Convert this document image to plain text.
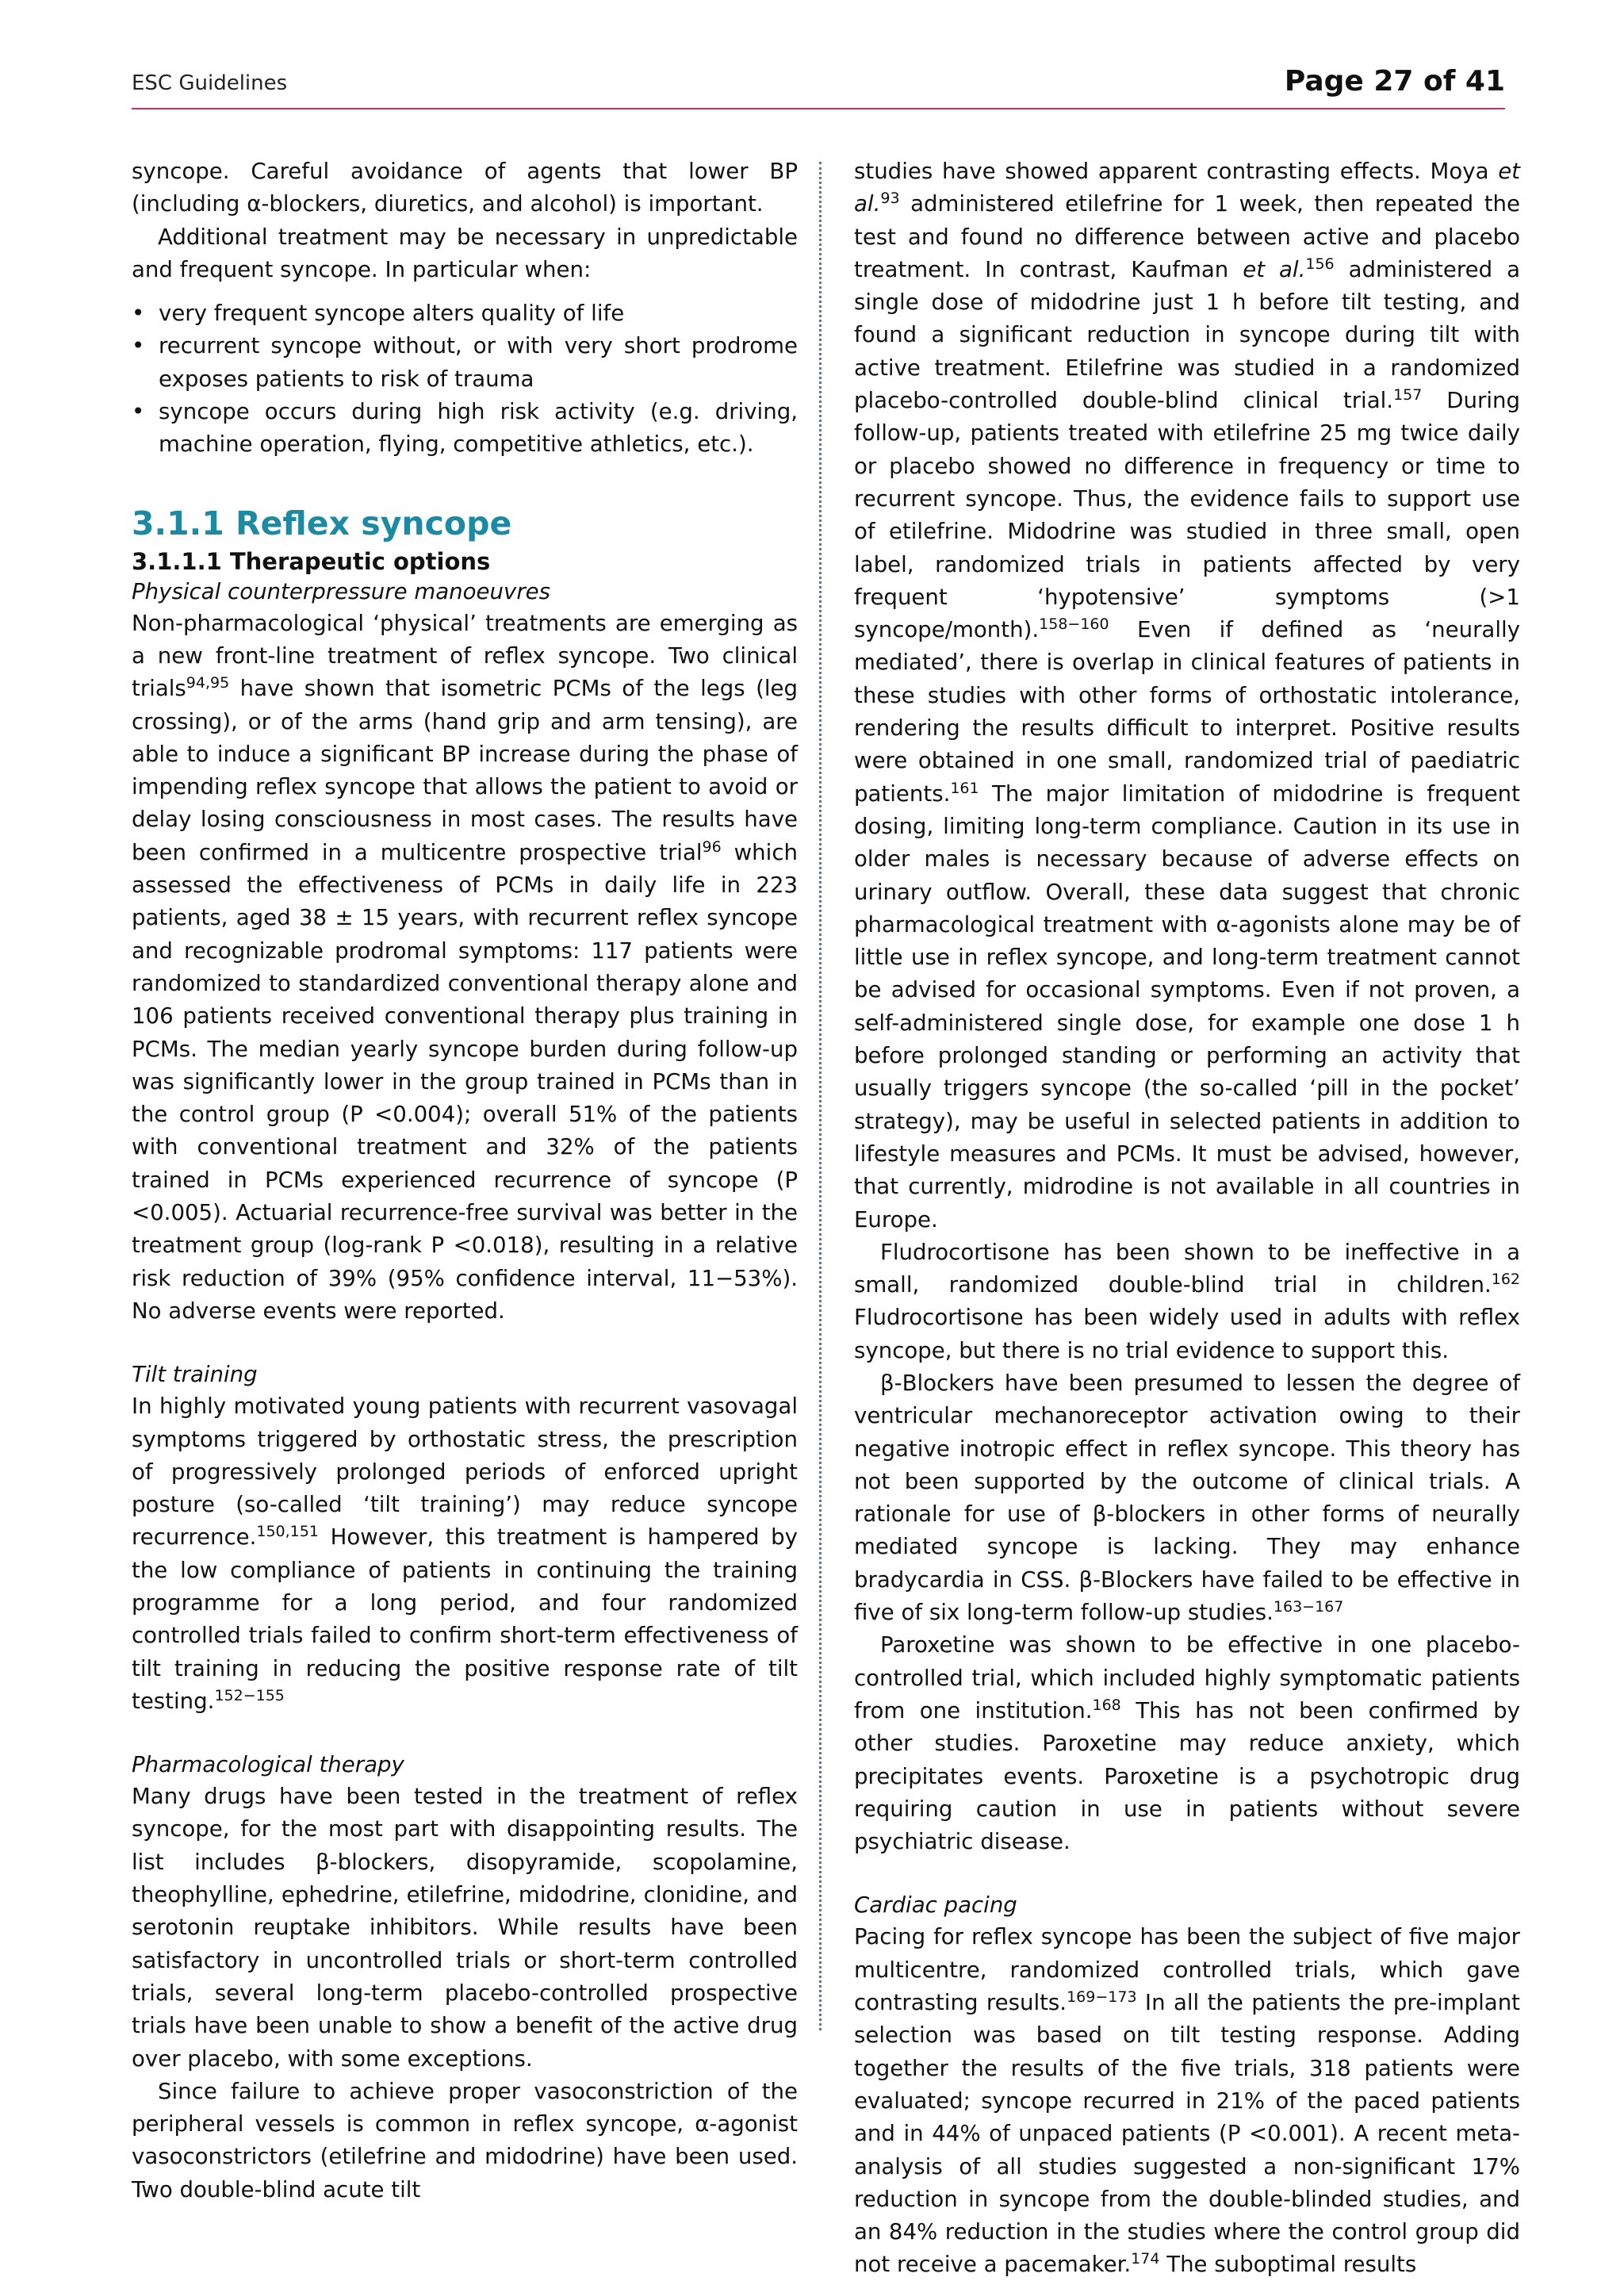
ESC Guidelines	Page 27 of 41

syncope. Careful avoidance of agents that lower BP (including α-blockers, diuretics, and alcohol) is important.

Additional treatment may be necessary in unpredictable and frequent syncope. In particular when:

• very frequent syncope alters quality of life
• recurrent syncope without, or with very short prodrome exposes patients to risk of trauma
• syncope occurs during high risk activity (e.g. driving, machine operation, flying, competitive athletics, etc.).
3.1.1 Reflex syncope
3.1.1.1 Therapeutic options
Physical counterpressure manoeuvres

Non-pharmacological ‘physical’ treatments are emerging as a new front-line treatment of reflex syncope. Two clinical trials$^{94,95}$ have shown that isometric PCMs of the legs (leg crossing), or of the arms (hand grip and arm tensing), are able to induce a significant BP increase during the phase of impending reflex syncope that allows the patient to avoid or delay losing consciousness in most cases. The results have been confirmed in a multicentre prospective trial$^{96}$ which assessed the effectiveness of PCMs in daily life in 223 patients, aged 38 ± 15 years, with recurrent reflex syncope and recognizable prodromal symptoms: 117 patients were randomized to standardized conventional therapy alone and 106 patients received conventional therapy plus training in PCMs. The median yearly syncope burden during follow-up was significantly lower in the group trained in PCMs than in the control group (P <0.004); overall 51% of the patients with conventional treatment and 32% of the patients trained in PCMs experienced recurrence of syncope (P <0.005). Actuarial recurrence-free survival was better in the treatment group (log-rank P <0.018), resulting in a relative risk reduction of 39% (95% confidence interval, 11−53%). No adverse events were reported.

Tilt training

In highly motivated young patients with recurrent vasovagal symptoms triggered by orthostatic stress, the prescription of progressively prolonged periods of enforced upright posture (so-called ‘tilt training’) may reduce syncope recurrence.$^{150,151}$ However, this treatment is hampered by the low compliance of patients in continuing the training programme for a long period, and four randomized controlled trials failed to confirm short-term effectiveness of tilt training in reducing the positive response rate of tilt testing.$^{152-155}$

Pharmacological therapy

Many drugs have been tested in the treatment of reflex syncope, for the most part with disappointing results. The list includes β-blockers, disopyramide, scopolamine, theophylline, ephedrine, etilefrine, midodrine, clonidine, and serotonin reuptake inhibitors. While results have been satisfactory in uncontrolled trials or short-term controlled trials, several long-term placebo-controlled prospective trials have been unable to show a benefit of the active drug over placebo, with some exceptions.

Since failure to achieve proper vasoconstriction of the peripheral vessels is common in reflex syncope, α-agonist vasoconstrictors (etilefrine and midodrine) have been used. Two double-blind acute tilt

studies have showed apparent contrasting effects. Moya et al.$^{93}$ administered etilefrine for 1 week, then repeated the test and found no difference between active and placebo treatment. In contrast, Kaufman et al.$^{156}$ administered a single dose of midodrine just 1 h before tilt testing, and found a significant reduction in syncope during tilt with active treatment. Etilefrine was studied in a randomized placebo-controlled double-blind clinical trial.$^{157}$ During follow-up, patients treated with etilefrine 25 mg twice daily or placebo showed no difference in frequency or time to recurrent syncope. Thus, the evidence fails to support use of etilefrine. Midodrine was studied in three small, open label, randomized trials in patients affected by very frequent ‘hypotensive’ symptoms (>1 syncope/month).$^{158-160}$ Even if defined as ‘neurally mediated’, there is overlap in clinical features of patients in these studies with other forms of orthostatic intolerance, rendering the results difficult to interpret. Positive results were obtained in one small, randomized trial of paediatric patients.$^{161}$ The major limitation of midodrine is frequent dosing, limiting long-term compliance. Caution in its use in older males is necessary because of adverse effects on urinary outflow. Overall, these data suggest that chronic pharmacological treatment with α-agonists alone may be of little use in reflex syncope, and long-term treatment cannot be advised for occasional symptoms. Even if not proven, a self-administered single dose, for example one dose 1 h before prolonged standing or performing an activity that usually triggers syncope (the so-called ‘pill in the pocket’ strategy), may be useful in selected patients in addition to lifestyle measures and PCMs. It must be advised, however, that currently, midrodine is not available in all countries in Europe.

Fludrocortisone has been shown to be ineffective in a small, randomized double-blind trial in children.$^{162}$ Fludrocortisone has been widely used in adults with reflex syncope, but there is no trial evidence to support this.

β-Blockers have been presumed to lessen the degree of ventricular mechanoreceptor activation owing to their negative inotropic effect in reflex syncope. This theory has not been supported by the outcome of clinical trials. A rationale for use of β-blockers in other forms of neurally mediated syncope is lacking. They may enhance bradycardia in CSS. β-Blockers have failed to be effective in five of six long-term follow-up studies.$^{163-167}$

Paroxetine was shown to be effective in one placebo-controlled trial, which included highly symptomatic patients from one institution.$^{168}$ This has not been confirmed by other studies. Paroxetine may reduce anxiety, which precipitates events. Paroxetine is a psychotropic drug requiring caution in use in patients without severe psychiatric disease.

Cardiac pacing

Pacing for reflex syncope has been the subject of five major multicentre, randomized controlled trials, which gave contrasting results.$^{169-173}$ In all the patients the pre-implant selection was based on tilt testing response. Adding together the results of the five trials, 318 patients were evaluated; syncope recurred in 21% of the paced patients and in 44% of unpaced patients (P <0.001). A recent meta-analysis of all studies suggested a non-significant 17% reduction in syncope from the double-blinded studies, and an 84% reduction in the studies where the control group did not receive a pacemaker.$^{174}$ The suboptimal results
